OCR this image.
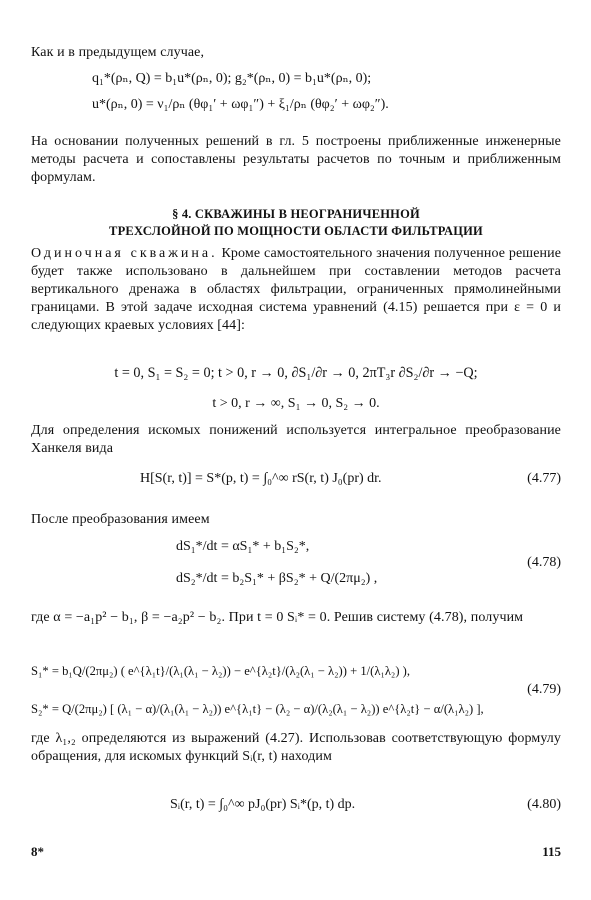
Как и в предыдущем случае,
q₁*(ρₙ, Q) = b₁u*(ρₙ, 0); g₂*(ρₙ, 0) = b₁u*(ρₙ, 0);
u*(ρₙ, 0) = ν₁/ρₙ (θφ₁′ + ωφ₁″) + ξ₁/ρₙ (θφ₂′ + ωφ₂″).
На основании полученных решений в гл. 5 построены приближенные инженерные методы расчета и сопоставлены результаты расчетов по точным и приближенным формулам.
§ 4. СКВАЖИНЫ В НЕОГРАНИЧЕННОЙ
ТРЕХСЛОЙНОЙ ПО МОЩНОСТИ ОБЛАСТИ ФИЛЬТРАЦИИ
Одиночная скважина. Кроме самостоятельного значения полученное решение будет также использовано в дальнейшем при составлении методов расчета вертикального дренажа в областях фильтрации, ограниченных прямолинейными границами. В этой задаче исходная система уравнений (4.15) решается при ε = 0 и следующих краевых условиях [44]:
t = 0, S₁ = S₂ = 0; t > 0, r → 0, ∂S₁/∂r → 0, 2πT₃r ∂S₂/∂r → −Q;
t > 0, r → ∞, S₁ → 0, S₂ → 0.
Для определения искомых понижений используется интегральное преобразование Ханкеля вида
H[S(r, t)] = S*(p, t) = ∫₀^∞ rS(r, t) J₀(pr) dr.	(4.77)
После преобразования имеем
dS₁*/dt = αS₁* + b₁S₂*,
dS₂*/dt = b₂S₁* + βS₂* + Q/(2πμ₂) ,
(4.78)
где α = −a₁p² − b₁, β = −a₂p² − b₂. При t = 0 Sᵢ* = 0. Решив систему (4.78), получим
S₁* = b₁Q/(2πμ₂) ( e^{λ₁t}/(λ₁(λ₁ − λ₂)) − e^{λ₂t}/(λ₂(λ₁ − λ₂)) + 1/(λ₁λ₂) ),
S₂* = Q/(2πμ₂) [ (λ₁ − α)/(λ₁(λ₁ − λ₂)) e^{λ₁t} − (λ₂ − α)/(λ₂(λ₁ − λ₂)) e^{λ₂t} − α/(λ₁λ₂) ],
(4.79)
где λ₁,₂ определяются из выражений (4.27). Использовав соответствующую формулу обращения, для искомых функций Sᵢ(r, t) находим
Sᵢ(r, t) = ∫₀^∞ pJ₀(pr) Sᵢ*(p, t) dp.	(4.80)
8*	115
